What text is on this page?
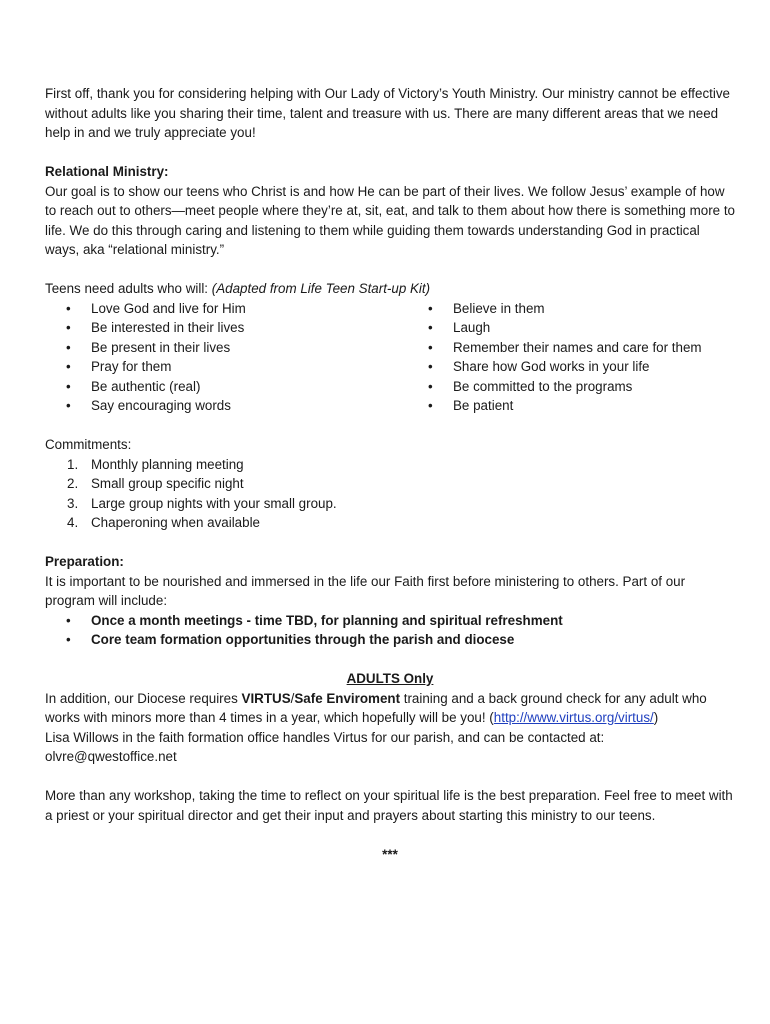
First off, thank you for considering helping with Our Lady of Victory’s Youth Ministry. Our ministry cannot be effective without adults like you sharing their time, talent and treasure with us. There are many different areas that we need help in and we truly appreciate you!

Relational Ministry:

Our goal is to show our teens who Christ is and how He can be part of their lives. We follow Jesus’ example of how to reach out to others—meet people where they’re at, sit, eat, and talk to them about how there is something more to life. We do this through caring and listening to them while guiding them towards understanding God in practical ways, aka “relational ministry.”

Teens need adults who will: (Adapted from Life Teen Start-up Kit)

• Love God and live for Him
• Be interested in their lives
• Be present in their lives
• Pray for them
• Be authentic (real)
• Say encouraging words
• Believe in them
• Laugh
• Remember their names and care for them
• Share how God works in your life
• Be committed to the programs
• Be patient

Commitments:

1. Monthly planning meeting
2. Small group specific night
3. Large group nights with your small group.
4. Chaperoning when available

Preparation:

It is important to be nourished and immersed in the life our Faith first before ministering to others. Part of our program will include:

• Once a month meetings - time TBD, for planning and spiritual refreshment
• Core team formation opportunities through the parish and diocese

ADULTS Only

In addition, our Diocese requires VIRTUS/Safe Enviroment training and a back ground check for any adult who works with minors more than 4 times in a year, which hopefully will be you! (http://www.virtus.org/virtus/)

Lisa Willows in the faith formation office handles Virtus for our parish, and can be contacted at:

olvre@qwestoffice.net

More than any workshop, taking the time to reflect on your spiritual life is the best preparation. Feel free to meet with a priest or your spiritual director and get their input and prayers about starting this ministry to our teens.

***
